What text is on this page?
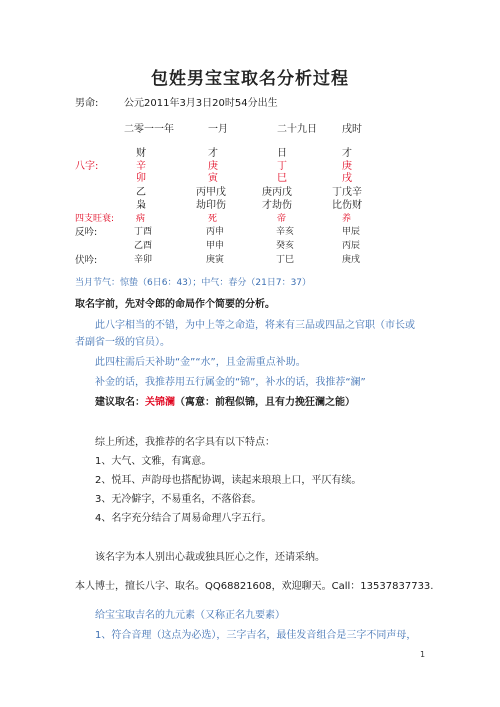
包姓男宝宝取名分析过程
男命:	公元2011年3月3日20时54分出生
二零一一年	一月	二十九日	戌时
财	才	日	才
八字:	辛	庚	丁	庚
卯	寅	巳	戌
乙	丙甲戊	庚丙戊	丁戊辛
枭	劫印伤	才劫伤	比伤财
四支旺衰: 病	死	帝	养
反吟:	丁酉	丙申	辛亥	甲辰
乙酉	甲申	癸亥	丙辰
伏吟:	辛卯	庚寅	丁巳	庚戌
当月节气：惊蛰（6日6：43）；中气：春分（21日7：37）
取名字前，先对令郎的命局作个简要的分析。
此八字相当的不错，为中上等之命造，将来有三品或四品之官职（市长或
者副省一级的官员）。
此四柱需后天补助“金”“水”，且金需重点补助。
补金的话，我推荐用五行属金的“锦”，补水的话，我推荐“澜”
建议取名：关锦澜（寓意：前程似锦，且有力挽狂澜之能）
综上所述，我推荐的名字具有以下特点：
1、大气、文雅，有寓意。
2、悦耳、声韵母也搭配协调，读起来琅琅上口，平仄有续。
3、无冷僻字，不易重名，不落俗套。
4、名字充分结合了周易命理八字五行。
该名字为本人别出心裁或独具匠心之作，还请采纳。
本人博士，擅长八字、取名。QQ68821608，欢迎聊天。Call：13537837733.
给宝宝取吉名的九元素（又称正名九要素）
1、符合音理（这点为必选），三字吉名，最佳发音组合是三字不同声母，
1
